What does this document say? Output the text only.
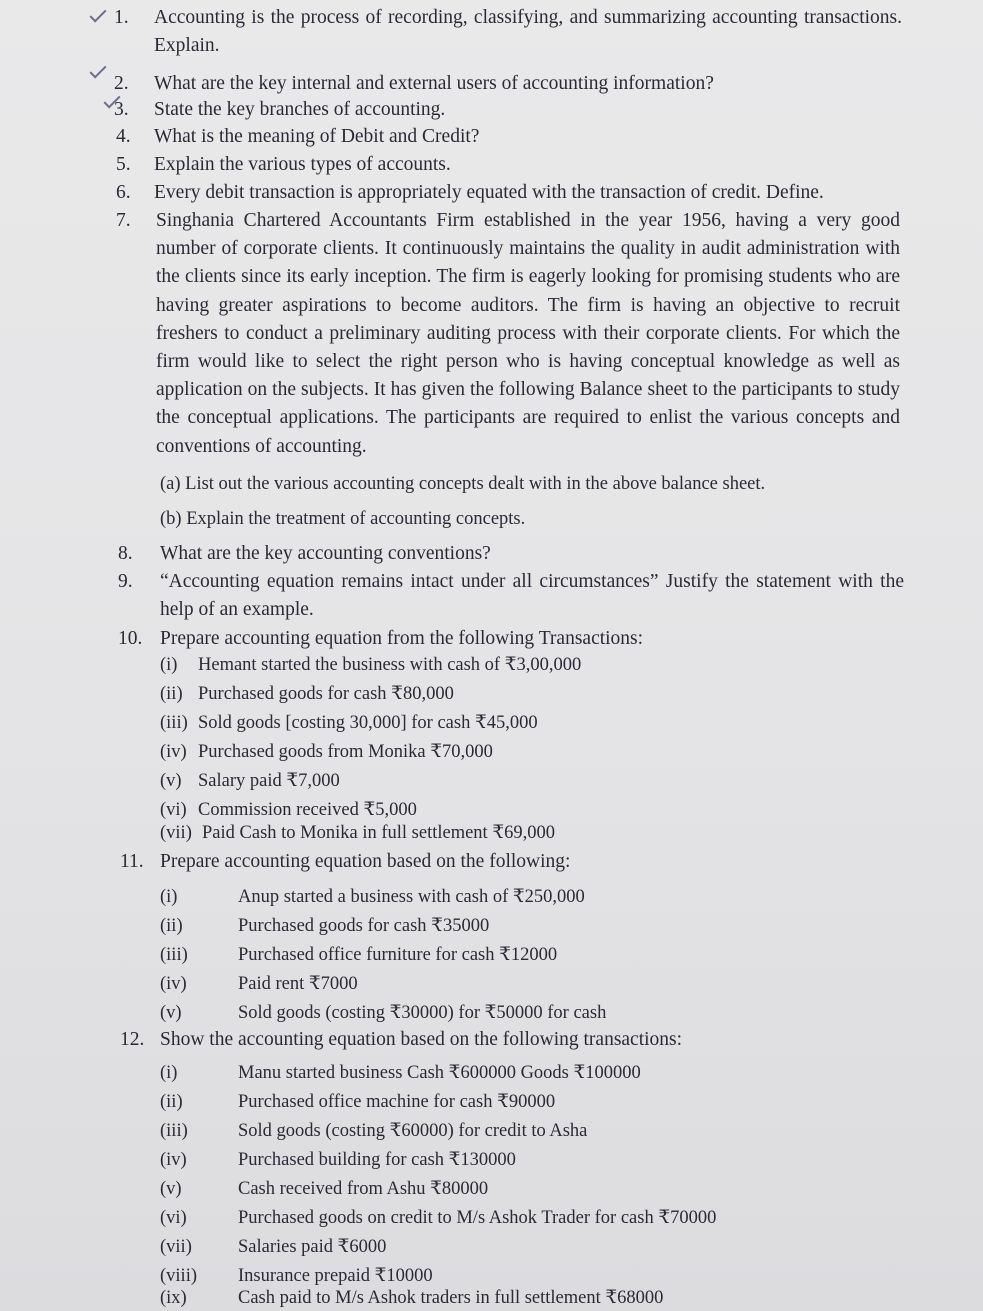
1.	Accounting is the process of recording, classifying, and summarizing accounting transactions. Explain.
2.	What are the key internal and external users of accounting information?
3.	State the key branches of accounting.
4.	What is the meaning of Debit and Credit?
5.	Explain the various types of accounts.
6.	Every debit transaction is appropriately equated with the transaction of credit. Define.
7.	Singhania Chartered Accountants Firm established in the year 1956, having a very good number of corporate clients. It continuously maintains the quality in audit administration with the clients since its early inception. The firm is eagerly looking for promising students who are having greater aspirations to become auditors. The firm is having an objective to recruit freshers to conduct a preliminary auditing process with their corporate clients. For which the firm would like to select the right person who is having conceptual knowledge as well as application on the subjects. It has given the following Balance sheet to the participants to study the conceptual applications. The participants are required to enlist the various concepts and conventions of accounting.
(a) List out the various accounting concepts dealt with in the above balance sheet.
(b) Explain the treatment of accounting concepts.
8.	What are the key accounting conventions?
9.	“Accounting equation remains intact under all circumstances” Justify the statement with the help of an example.
10. Prepare accounting equation from the following Transactions:
(i)	Hemant started the business with cash of ₹3,00,000
(ii) Purchased goods for cash ₹80,000
(iii) Sold goods [costing 30,000] for cash ₹45,000
(iv) Purchased goods from Monika ₹70,000
(v) Salary paid ₹7,000
(vi) Commission received ₹5,000
(vii) Paid Cash to Monika in full settlement ₹69,000
11. Prepare accounting equation based on the following:
(i)	Anup started a business with cash of ₹250,000
(ii)	Purchased goods for cash ₹35000
(iii)	Purchased office furniture for cash ₹12000
(iv)	Paid rent ₹7000
(v)	Sold goods (costing ₹30000) for ₹50000 for cash
12. Show the accounting equation based on the following transactions:
(i)	Manu started business Cash ₹600000 Goods ₹100000
(ii)	Purchased office machine for cash ₹90000
(iii)	Sold goods (costing ₹60000) for credit to Asha
(iv)	Purchased building for cash ₹130000
(v)	Cash received from Ashu ₹80000
(vi)	Purchased goods on credit to M/s Ashok Trader for cash ₹70000
(vii)	Salaries paid ₹6000
(viii)	Insurance prepaid ₹10000
(ix)	Cash paid to M/s Ashok traders in full settlement ₹68000
